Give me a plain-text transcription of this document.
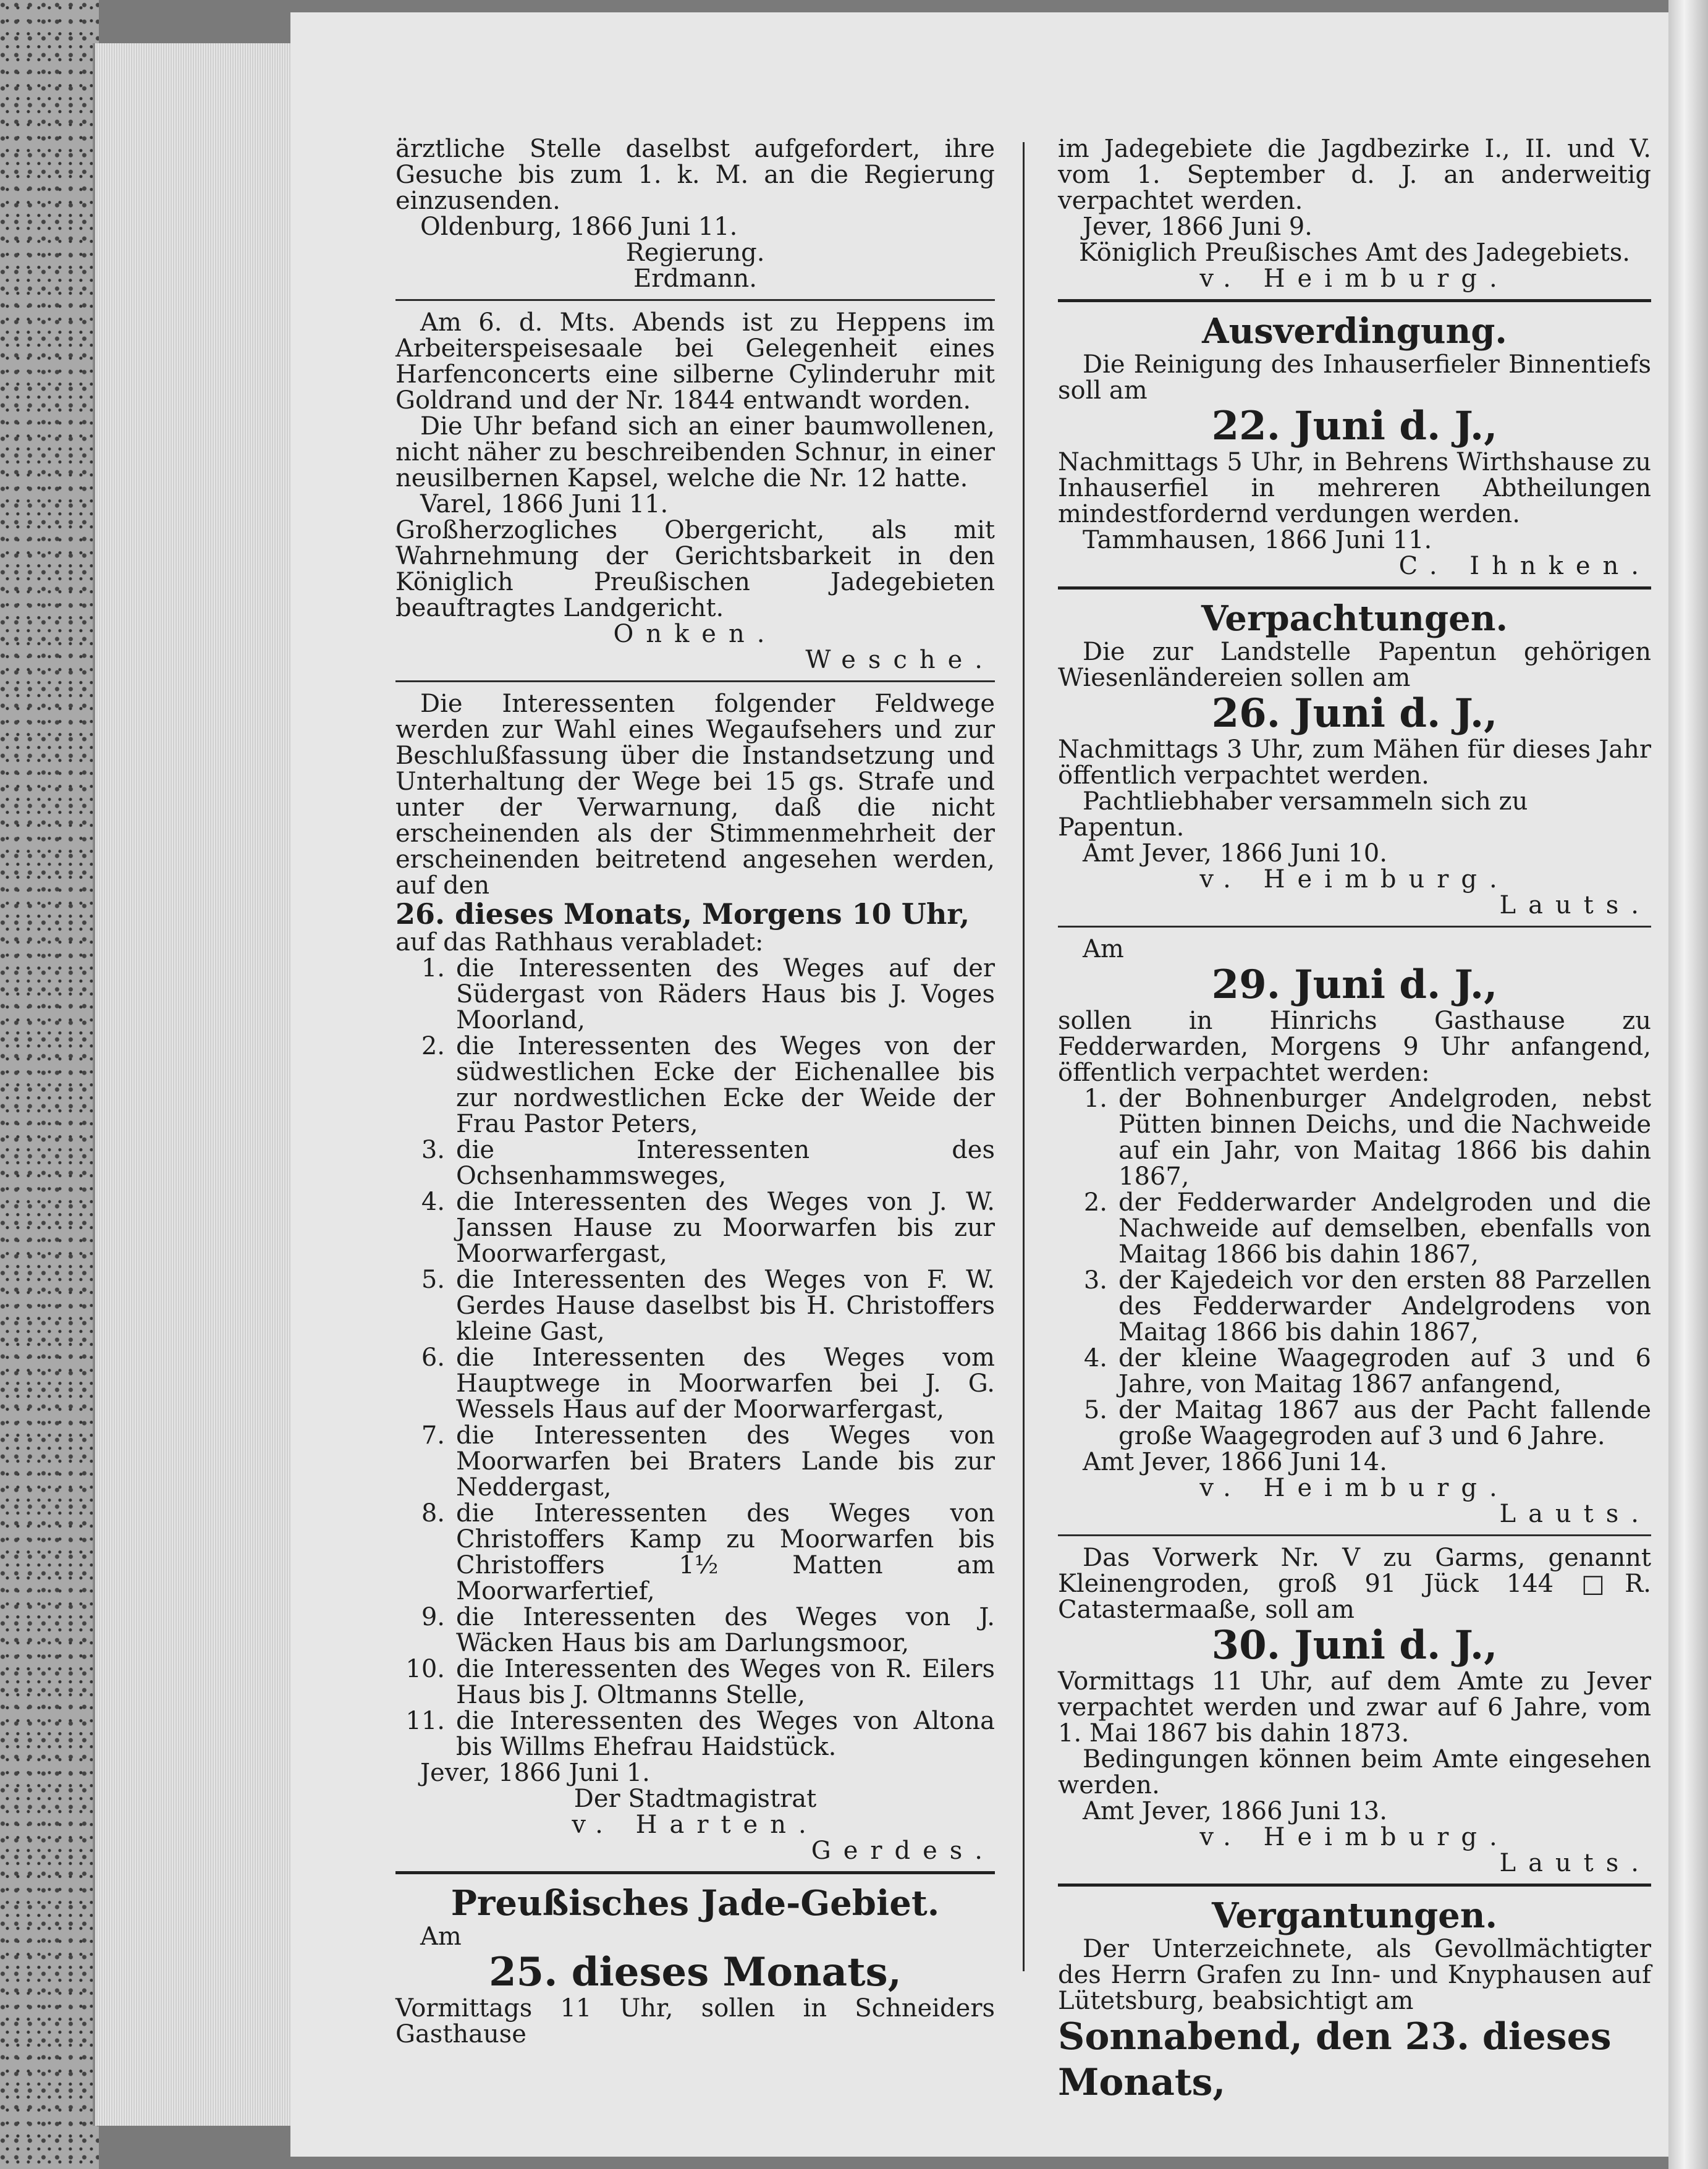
ärztliche Stelle daselbst aufgefordert, ihre Gesuche bis zum 1. k. M. an die Regierung einzusenden.

Oldenburg, 1866 Juni 11.

Regierung.

Erdmann.

Am 6. d. Mts. Abends ist zu Heppens im Arbeiterspeisesaale bei Gelegenheit eines Harfenconcerts eine silberne Cylinderuhr mit Goldrand und der Nr. 1844 entwandt worden.

Die Uhr befand sich an einer baumwollenen, nicht näher zu beschreibenden Schnur, in einer neusilbernen Kapsel, welche die Nr. 12 hatte.

Varel, 1866 Juni 11.

Großherzogliches Obergericht, als mit Wahrnehmung der Gerichtsbarkeit in den Königlich Preußischen Jadegebieten beauftragtes Landgericht.

Onken.

Wesche.

Die Interessenten folgender Feldwege werden zur Wahl eines Wegaufsehers und zur Beschlußfassung über die Instandsetzung und Unterhaltung der Wege bei 15 gs. Strafe und unter der Verwarnung, daß die nicht erscheinenden als der Stimmenmehrheit der erscheinenden beitretend angesehen werden, auf den

26. dieses Monats, Morgens 10 Uhr,

auf das Rathhaus verabladet:

1. die Interessenten des Weges auf der Südergast von Räders Haus bis J. Voges Moorland,
2. die Interessenten des Weges von der südwestlichen Ecke der Eichenallee bis zur nordwestlichen Ecke der Weide der Frau Pastor Peters,
3. die Interessenten des Ochsenhammsweges,
4. die Interessenten des Weges von J. W. Janssen Hause zu Moorwarfen bis zur Moorwarfergast,
5. die Interessenten des Weges von F. W. Gerdes Hause daselbst bis H. Christoffers kleine Gast,
6. die Interessenten des Weges vom Hauptwege in Moorwarfen bei J. G. Wessels Haus auf der Moorwarfergast,
7. die Interessenten des Weges von Moorwarfen bei Braters Lande bis zur Neddergast,
8. die Interessenten des Weges von Christoffers Kamp zu Moorwarfen bis Christoffers 1½ Matten am Moorwarfertief,
9. die Interessenten des Weges von J. Wäcken Haus bis am Darlungsmoor,
10. die Interessenten des Weges von R. Eilers Haus bis J. Oltmanns Stelle,
11. die Interessenten des Weges von Altona bis Willms Ehefrau Haidstück.

Jever, 1866 Juni 1.

Der Stadtmagistrat

v. Harten.

Gerdes.

Preußisches Jade-Gebiet.

Am

25. dieses Monats,

Vormittags 11 Uhr, sollen in Schneiders Gasthause

im Jadegebiete die Jagdbezirke I., II. und V. vom 1. September d. J. an anderweitig verpachtet werden.

Jever, 1866 Juni 9.

Königlich Preußisches Amt des Jadegebiets.

v. Heimburg.

Ausverdingung.

Die Reinigung des Inhauserfieler Binnentiefs soll am

22. Juni d. J.,

Nachmittags 5 Uhr, in Behrens Wirthshause zu Inhauserfiel in mehreren Abtheilungen mindestfordernd verdungen werden.

Tammhausen, 1866 Juni 11.

C. Ihnken.

Verpachtungen.

Die zur Landstelle Papentun gehörigen Wiesenländereien sollen am

26. Juni d. J.,

Nachmittags 3 Uhr, zum Mähen für dieses Jahr öffentlich verpachtet werden.

Pachtliebhaber versammeln sich zu Papentun.

Amt Jever, 1866 Juni 10.

v. Heimburg.

Lauts.

Am

29. Juni d. J.,

sollen in Hinrichs Gasthause zu Fedderwarden, Morgens 9 Uhr anfangend, öffentlich verpachtet werden:

1. der Bohnenburger Andelgroden, nebst Pütten binnen Deichs, und die Nachweide auf ein Jahr, von Maitag 1866 bis dahin 1867,
2. der Fedderwarder Andelgroden und die Nachweide auf demselben, ebenfalls von Maitag 1866 bis dahin 1867,
3. der Kajedeich vor den ersten 88 Parzellen des Fedderwarder Andelgrodens von Maitag 1866 bis dahin 1867,
4. der kleine Waagegroden auf 3 und 6 Jahre, von Maitag 1867 anfangend,
5. der Maitag 1867 aus der Pacht fallende große Waagegroden auf 3 und 6 Jahre.

Amt Jever, 1866 Juni 14.

v. Heimburg.

Lauts.

Das Vorwerk Nr. V zu Garms, genannt Kleinengroden, groß 91 Jück 144 □R. Catastermaaße, soll am

30. Juni d. J.,

Vormittags 11 Uhr, auf dem Amte zu Jever verpachtet werden und zwar auf 6 Jahre, vom 1. Mai 1867 bis dahin 1873.

Bedingungen können beim Amte eingesehen werden.

Amt Jever, 1866 Juni 13.

v. Heimburg.

Lauts.

Vergantungen.

Der Unterzeichnete, als Gevollmächtigter des Herrn Grafen zu Inn- und Knyphausen auf Lütetsburg, beabsichtigt am

Sonnabend, den 23. dieses Monats,
